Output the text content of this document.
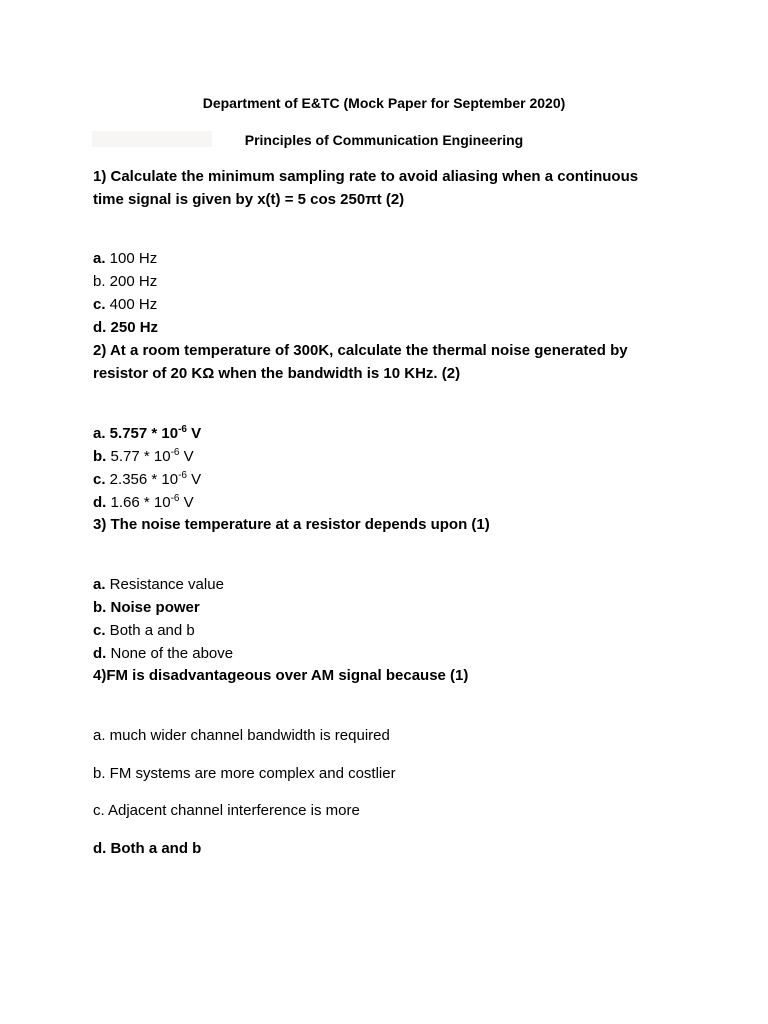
Department of E&TC (Mock Paper for September 2020)
Principles of Communication Engineering
1) Calculate the minimum sampling rate to avoid aliasing when a continuous
time signal is given by x(t) = 5 cos 250πt (2)
a. 100 Hz
b. 200 Hz
c. 400 Hz
d. 250 Hz
2) At a room temperature of 300K, calculate the thermal noise generated by
resistor of 20 KΩ when the bandwidth is 10 KHz. (2)
a. $5.757 * 10^{-6}$ V
b. $5.77 * 10^{-6}$ V
c. $2.356 * 10^{-6}$ V
d. $1.66 * 10^{-6}$ V
3) The noise temperature at a resistor depends upon (1)
a. Resistance value
b. Noise power
c. Both a and b
d. None of the above
4)FM is disadvantageous over AM signal because (1)
a. much wider channel bandwidth is required
b. FM systems are more complex and costlier
c. Adjacent channel interference is more
d. Both a and b
